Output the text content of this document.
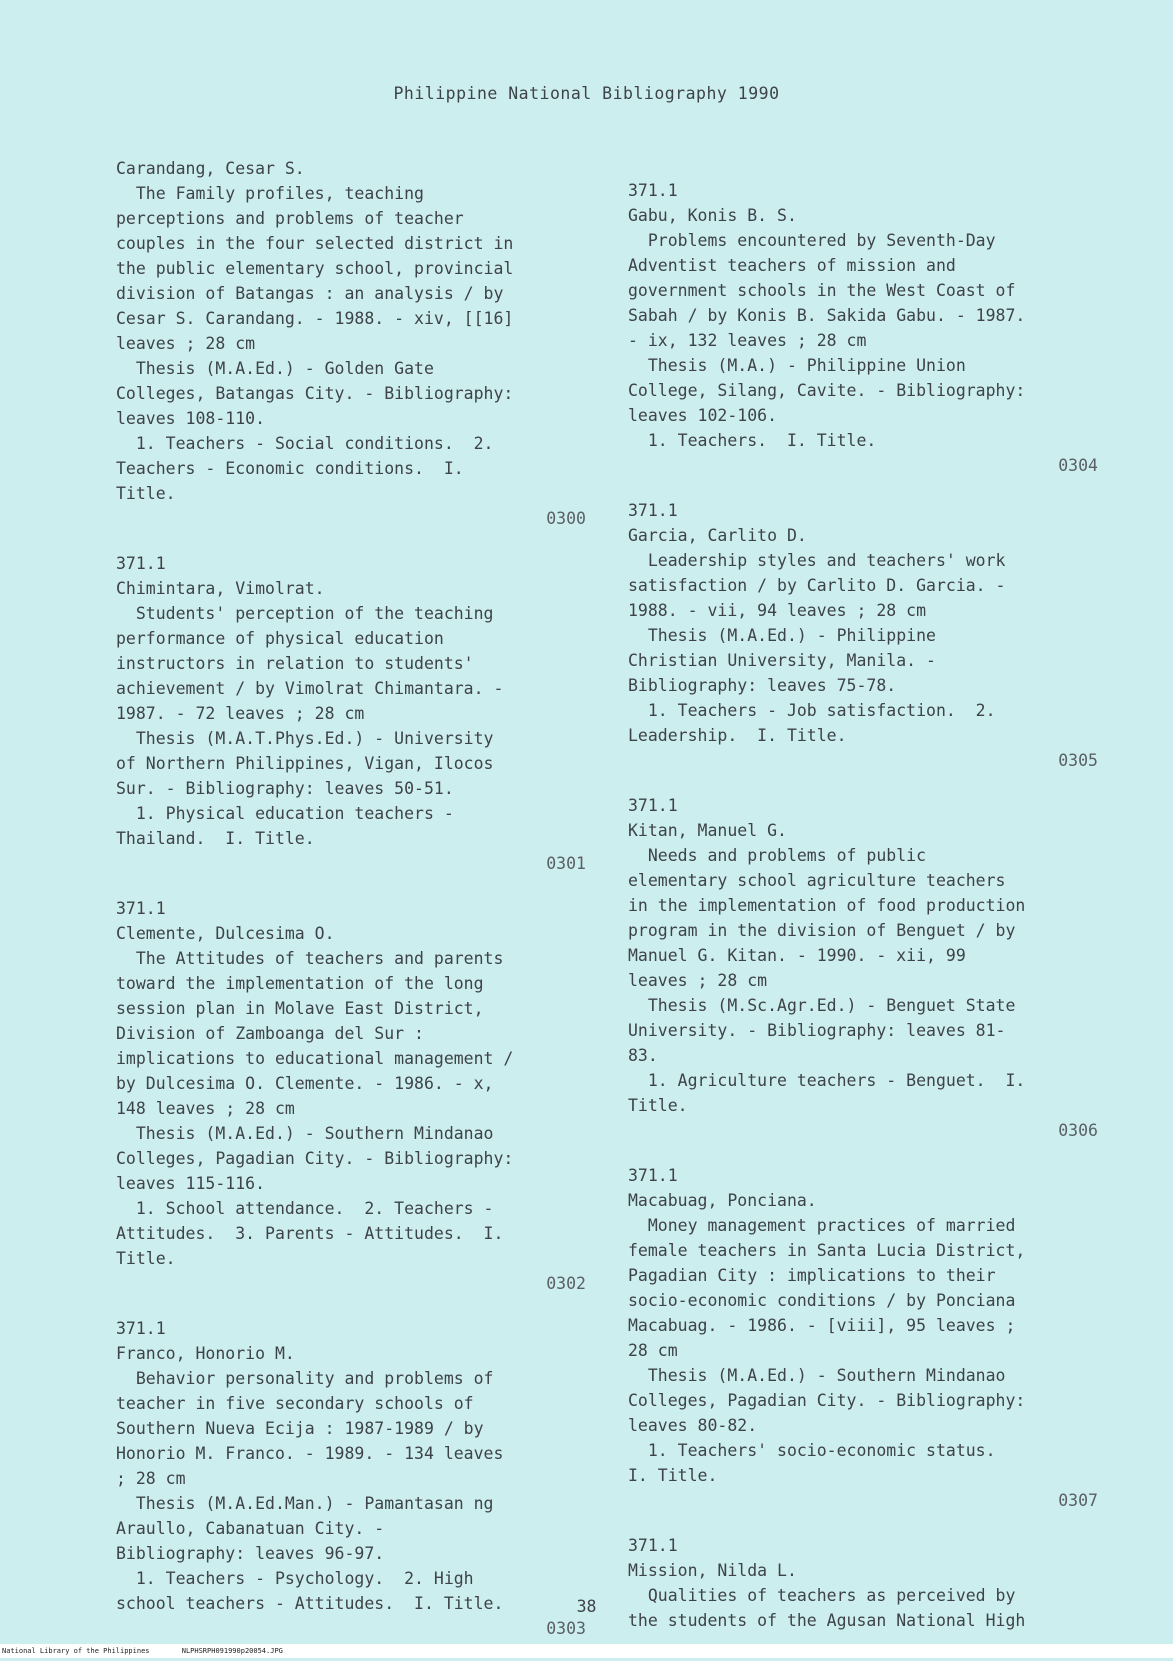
Philippine National Bibliography 1990
Carandang, Cesar S.
The Family profiles, teaching
perceptions and problems of teacher
couples in the four selected district in
the public elementary school, provincial
division of Batangas : an analysis / by
Cesar S. Carandang. - 1988. - xiv, [[16]
leaves ; 28 cm
Thesis (M.A.Ed.) - Golden Gate
Colleges, Batangas City. - Bibliography:
leaves 108-110.
1. Teachers - Social conditions.  2.
Teachers - Economic conditions.  I.
Title.
0300
371.1
Chimintara, Vimolrat.
Students' perception of the teaching
performance of physical education
instructors in relation to students'
achievement / by Vimolrat Chimantara. -
1987. - 72 leaves ; 28 cm
Thesis (M.A.T.Phys.Ed.) - University
of Northern Philippines, Vigan, Ilocos
Sur. - Bibliography: leaves 50-51.
1. Physical education teachers -
Thailand.  I. Title.
0301
371.1
Clemente, Dulcesima O.
The Attitudes of teachers and parents
toward the implementation of the long
session plan in Molave East District,
Division of Zamboanga del Sur :
implications to educational management /
by Dulcesima O. Clemente. - 1986. - x,
148 leaves ; 28 cm
Thesis (M.A.Ed.) - Southern Mindanao
Colleges, Pagadian City. - Bibliography:
leaves 115-116.
1. School attendance.  2. Teachers -
Attitudes.  3. Parents - Attitudes.  I.
Title.
0302
371.1
Franco, Honorio M.
Behavior personality and problems of
teacher in five secondary schools of
Southern Nueva Ecija : 1987-1989 / by
Honorio M. Franco. - 1989. - 134 leaves
; 28 cm
Thesis (M.A.Ed.Man.) - Pamantasan ng
Araullo, Cabanatuan City. -
Bibliography: leaves 96-97.
1. Teachers - Psychology.  2. High
school teachers - Attitudes.  I. Title.
0303
371.1
Gabu, Konis B. S.
Problems encountered by Seventh-Day
Adventist teachers of mission and
government schools in the West Coast of
Sabah / by Konis B. Sakida Gabu. - 1987.
- ix, 132 leaves ; 28 cm
Thesis (M.A.) - Philippine Union
College, Silang, Cavite. - Bibliography:
leaves 102-106.
1. Teachers.  I. Title.
0304
371.1
Garcia, Carlito D.
Leadership styles and teachers' work
satisfaction / by Carlito D. Garcia. -
1988. - vii, 94 leaves ; 28 cm
Thesis (M.A.Ed.) - Philippine
Christian University, Manila. -
Bibliography: leaves 75-78.
1. Teachers - Job satisfaction.  2.
Leadership.  I. Title.
0305
371.1
Kitan, Manuel G.
Needs and problems of public
elementary school agriculture teachers
in the implementation of food production
program in the division of Benguet / by
Manuel G. Kitan. - 1990. - xii, 99
leaves ; 28 cm
Thesis (M.Sc.Agr.Ed.) - Benguet State
University. - Bibliography: leaves 81-
83.
1. Agriculture teachers - Benguet.  I.
Title.
0306
371.1
Macabuag, Ponciana.
Money management practices of married
female teachers in Santa Lucia District,
Pagadian City : implications to their
socio-economic conditions / by Ponciana
Macabuag. - 1986. - [viii], 95 leaves ;
28 cm
Thesis (M.A.Ed.) - Southern Mindanao
Colleges, Pagadian City. - Bibliography:
leaves 80-82.
1. Teachers' socio-economic status.
I. Title.
0307
371.1
Mission, Nilda L.
Qualities of teachers as perceived by
the students of the Agusan National High
38
National Library of the Philippines	NLPHSRPH091990p20054.JPG
